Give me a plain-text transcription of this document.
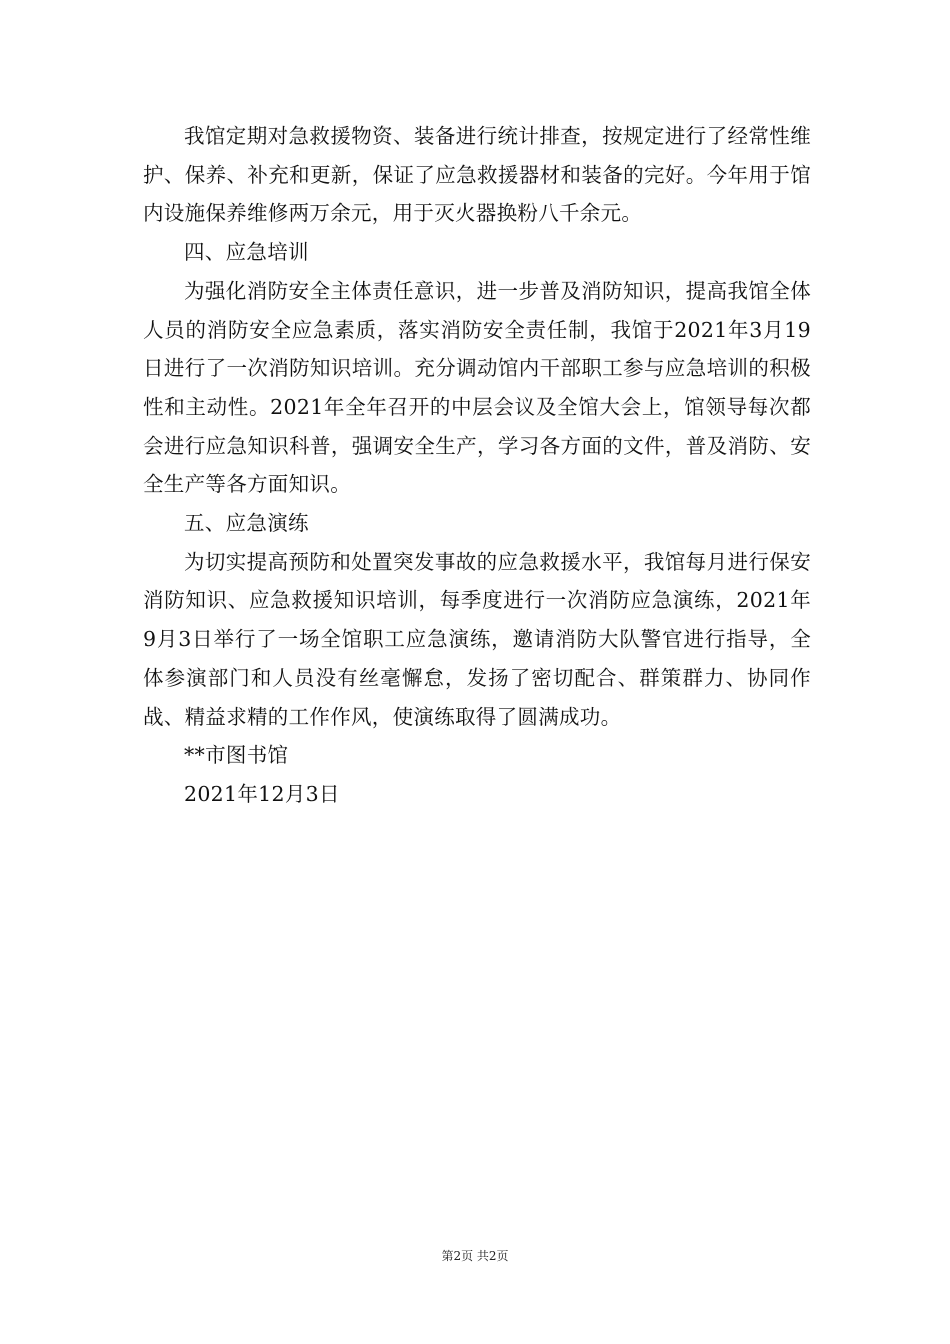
我馆定期对急救援物资、装备进行统计排查，按规定进行了经常性维护、保养、补充和更新，保证了应急救援器材和装备的完好。今年用于馆内设施保养维修两万余元，用于灭火器换粉八千余元。

四、应急培训

为强化消防安全主体责任意识，进一步普及消防知识，提高我馆全体人员的消防安全应急素质，落实消防安全责任制，我馆于2021年3月19日进行了一次消防知识培训。充分调动馆内干部职工参与应急培训的积极性和主动性。2021年全年召开的中层会议及全馆大会上，馆领导每次都会进行应急知识科普，强调安全生产，学习各方面的文件，普及消防、安全生产等各方面知识。

五、应急演练

为切实提高预防和处置突发事故的应急救援水平，我馆每月进行保安消防知识、应急救援知识培训，每季度进行一次消防应急演练，2021年9月3日举行了一场全馆职工应急演练，邀请消防大队警官进行指导，全体参演部门和人员没有丝毫懈怠，发扬了密切配合、群策群力、协同作战、精益求精的工作作风，使演练取得了圆满成功。

**市图书馆

2021年12月3日

第2页 共2页
